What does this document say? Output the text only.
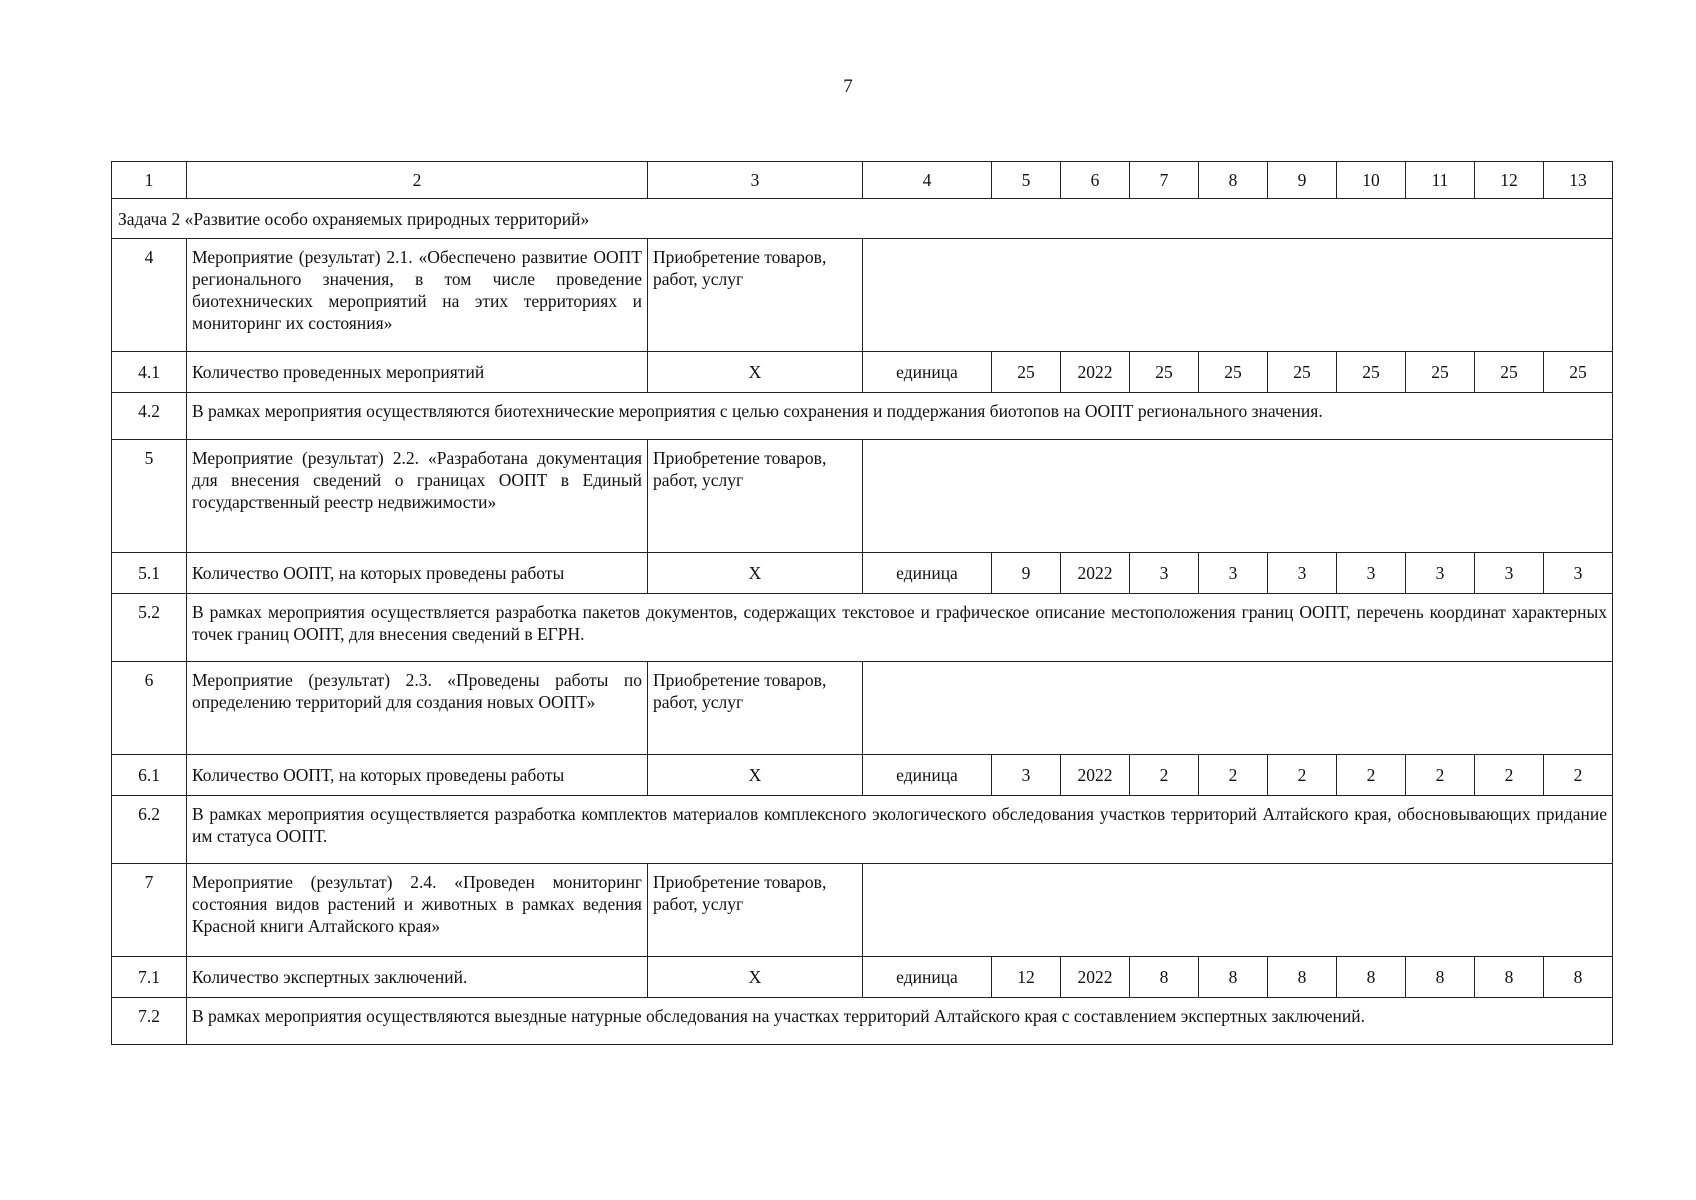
7
1	2	3	4	5	6	7	8	9	10	11	12	13
Задача 2 «Развитие особо охраняемых природных территорий»												
4	Мероприятие (результат) 2.1. «Обеспечено развитие ООПТ регионального значения, в том числе проведение биотехнических мероприятий на этих территориях и мониторинг их состояния»	Приобретение товаров, работ, услуг										
4.1	Количество проведенных мероприятий	Х	единица	25	2022	25	25	25	25	25	25	25
4.2	В рамках мероприятия осуществляются биотехнические мероприятия с целью сохранения и поддержания биотопов на ООПТ регионального значения.											
5	Мероприятие (результат) 2.2. «Разработана документация для внесения сведений о границах ООПТ в Единый государственный реестр недвижимости»	Приобретение товаров, работ, услуг										
5.1	Количество ООПТ, на которых проведены работы	Х	единица	9	2022	3	3	3	3	3	3	3
5.2	В рамках мероприятия осуществляется разработка пакетов документов, содержащих текстовое и графическое описание местоположения границ ООПТ, перечень координат характерных точек границ ООПТ, для внесения сведений в ЕГРН.											
6	Мероприятие (результат) 2.3. «Проведены работы по определению территорий для создания новых ООПТ»	Приобретение товаров, работ, услуг										
6.1	Количество ООПТ, на которых проведены работы	Х	единица	3	2022	2	2	2	2	2	2	2
6.2	В рамках мероприятия осуществляется разработка комплектов материалов комплексного экологического обследования участков территорий Алтайского края, обосновывающих придание им статуса ООПТ.											
7	Мероприятие (результат) 2.4. «Проведен мониторинг состояния видов растений и животных в рамках ведения Красной книги Алтайского края»	Приобретение товаров, работ, услуг										
7.1	Количество экспертных заключений.	Х	единица	12	2022	8	8	8	8	8	8	8
7.2	В рамках мероприятия осуществляются выездные натурные обследования на участках территорий Алтайского края с составлением экспертных заключений.											
